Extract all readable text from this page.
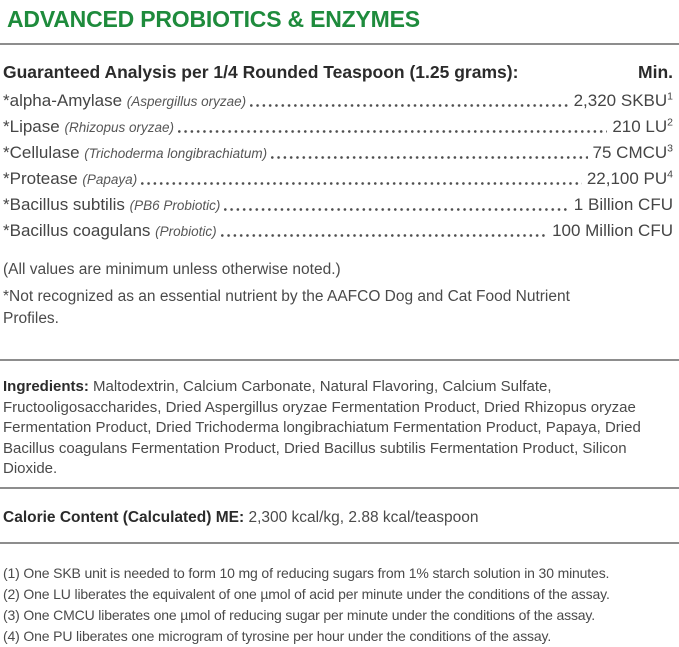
ADVANCED PROBIOTICS & ENZYMES
Guaranteed Analysis per 1/4 Rounded Teaspoon (1.25 grams):	Min.
*alpha-Amylase (Aspergillus oryzae)	2,320 SKBU$^1$
*Lipase (Rhizopus oryzae)	210 $LU^2$
*Cellulase (Trichoderma longibrachiatum)	75 CMCU$^3$
*Protease (Papaya)	22,100 $PU^4$
*Bacillus subtilis (PB6 Probiotic)	1 Billion CFU
*Bacillus coagulans (Probiotic)	100 Million CFU

(All values are minimum unless otherwise noted.)

*Not recognized as an essential nutrient by the AAFCO Dog and Cat Food Nutrient Profiles.

Ingredients: Maltodextrin, Calcium Carbonate, Natural Flavoring, Calcium Sulfate, Fructooligosaccharides, Dried Aspergillus oryzae Fermentation Product, Dried Rhizopus oryzae Fermentation Product, Dried Trichoderma longibrachiatum Fermentation Product, Papaya, Dried Bacillus coagulans Fermentation Product, Dried Bacillus subtilis Fermentation Product, Silicon Dioxide.

Calorie Content (Calculated) ME: 2,300 kcal/kg, 2.88 kcal/teaspoon

(1) One SKB unit is needed to form 10 mg of reducing sugars from 1% starch solution in 30 minutes.

(2) One LU liberates the equivalent of one µmol of acid per minute under the conditions of the assay.

(3) One CMCU liberates one µmol of reducing sugar per minute under the conditions of the assay.

(4) One PU liberates one microgram of tyrosine per hour under the conditions of the assay.
